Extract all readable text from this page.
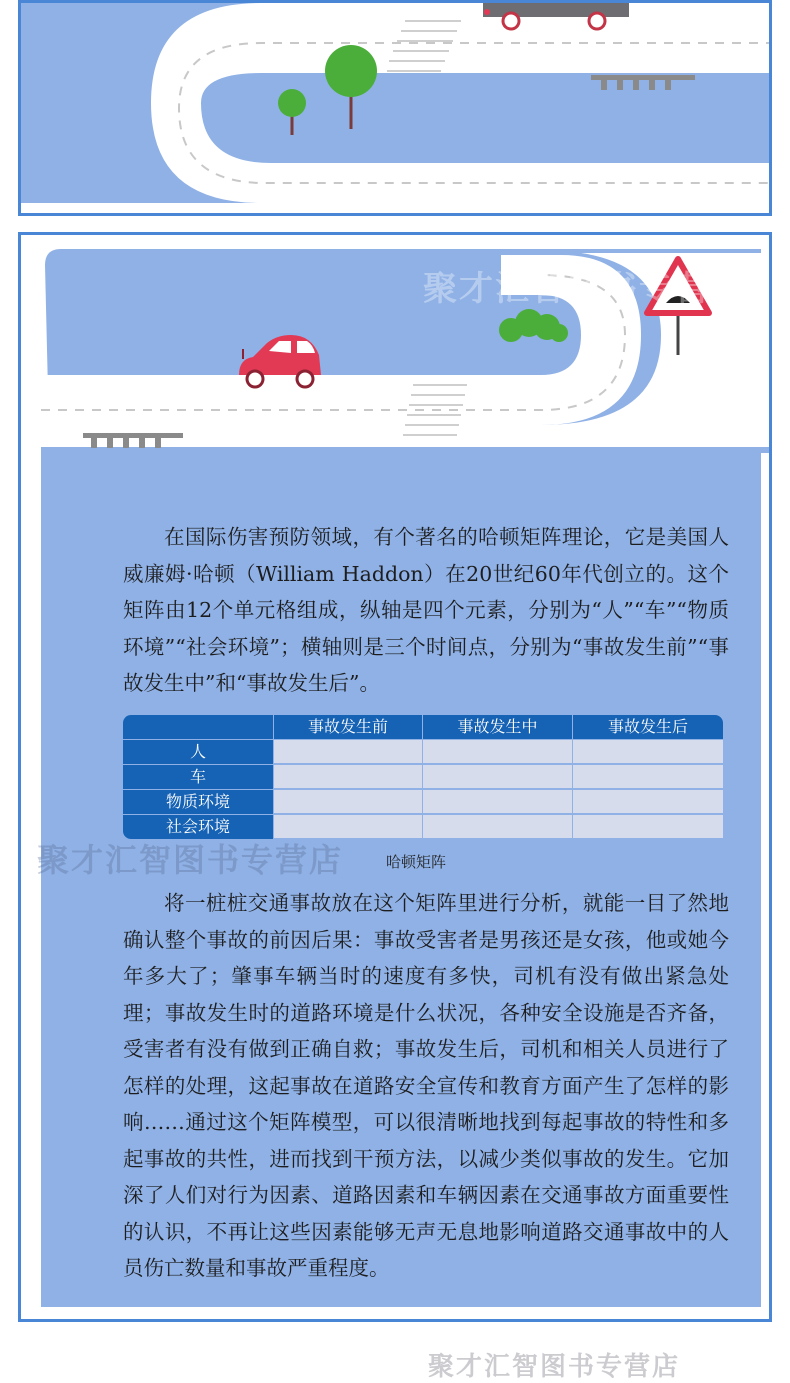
聚才汇智图书专营店

在国际伤害预防领域，有个著名的哈顿矩阵理论，它是美国人威廉姆·哈顿（William Haddon）在20世纪60年代创立的。这个矩阵由12个单元格组成，纵轴是四个元素，分别为“人”“车”“物质环境”“社会环境”；横轴则是三个时间点，分别为“事故发生前”“事故发生中”和“事故发生后”。

事故发生前	事故发生中	事故发生后
人
车
物质环境
社会环境
聚才汇智图书专营店	哈顿矩阵

将一桩桩交通事故放在这个矩阵里进行分析，就能一目了然地确认整个事故的前因后果：事故受害者是男孩还是女孩，他或她今年多大了；肇事车辆当时的速度有多快，司机有没有做出紧急处理；事故发生时的道路环境是什么状况，各种安全设施是否齐备，受害者有没有做到正确自救；事故发生后，司机和相关人员进行了怎样的处理，这起事故在道路安全宣传和教育方面产生了怎样的影响……通过这个矩阵模型，可以很清晰地找到每起事故的特性和多起事故的共性，进而找到干预方法，以减少类似事故的发生。它加深了人们对行为因素、道路因素和车辆因素在交通事故方面重要性的认识，不再让这些因素能够无声无息地影响道路交通事故中的人员伤亡数量和事故严重程度。

聚才汇智图书专营店
